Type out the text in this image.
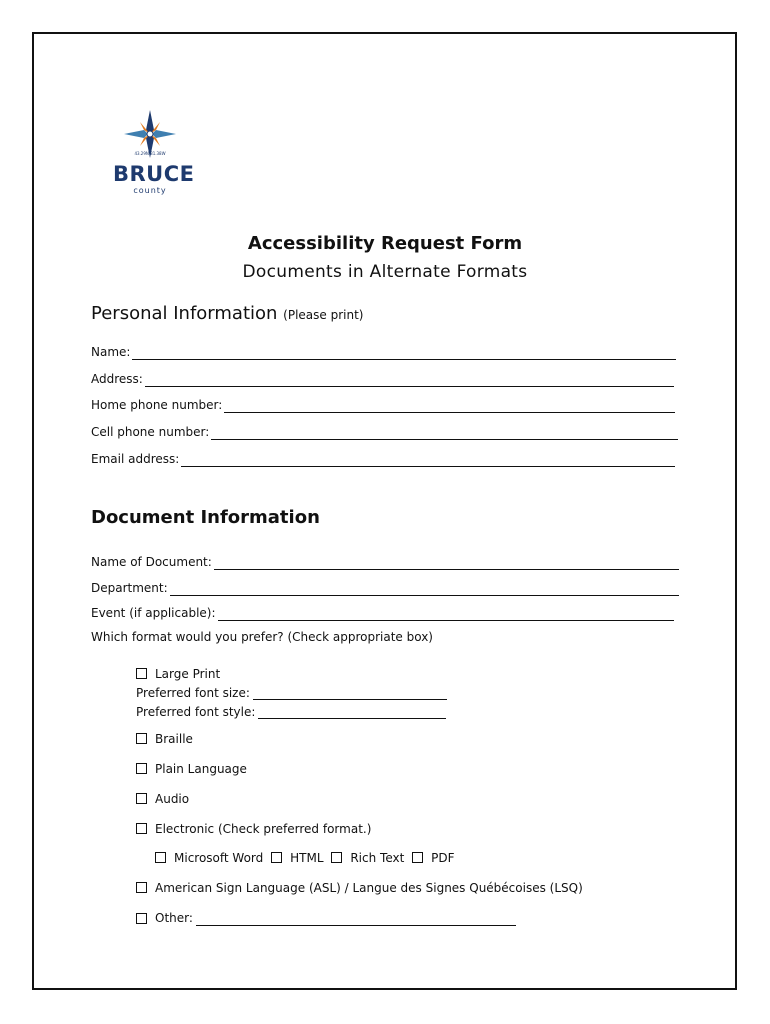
43.29N 81.38W
BRUCE
county
Accessibility Request Form
Documents in Alternate Formats
Personal Information (Please print)
Name:
Address:
Home phone number:
Cell phone number:
Email address:
Document Information
Name of Document:
Department:
Event (if applicable):
Which format would you prefer? (Check appropriate box)
Large Print
Preferred font size:
Preferred font style:
Braille
Plain Language
Audio
Electronic (Check preferred format.)
Microsoft Word HTML Rich Text PDF
American Sign Language (ASL) / Langue des Signes Québécoises (LSQ)
Other:
